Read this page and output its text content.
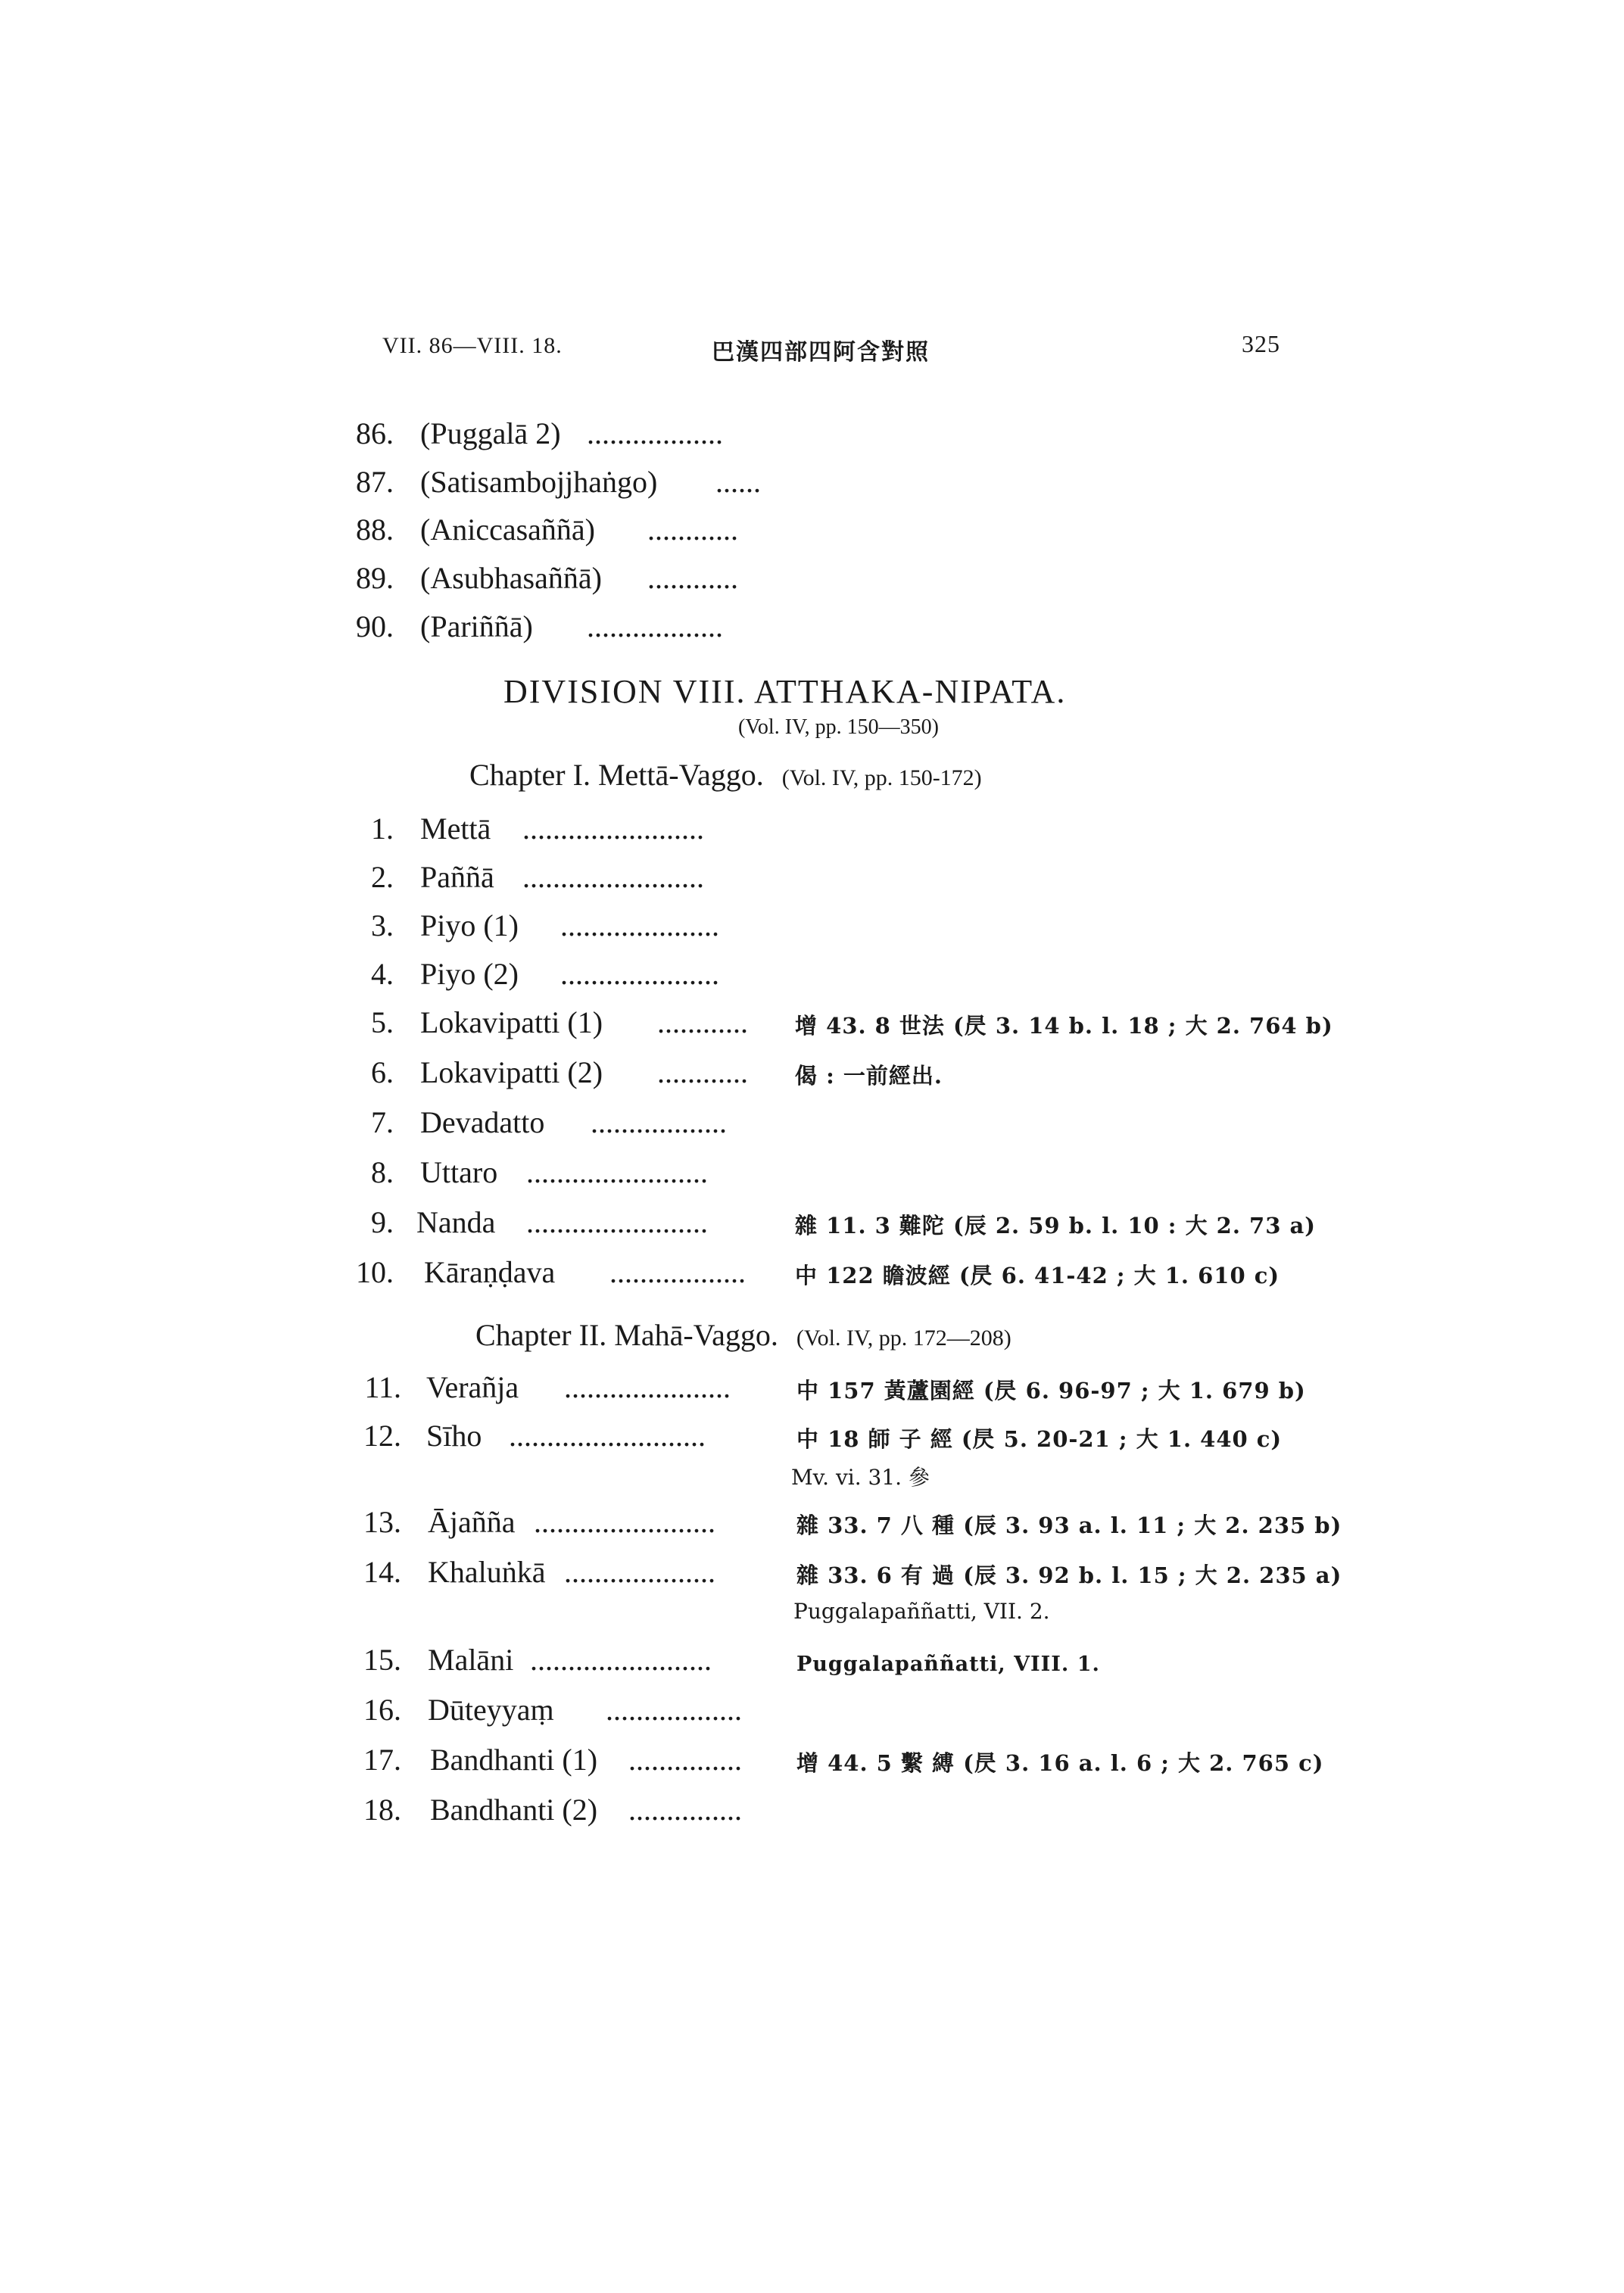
VII. 86—VIII. 18.	巴漢四部四阿含對照	325
86. (Puggalā 2) ..................
87. (Satisambojjhaṅgo) ......
88. (Aniccasaññā) ............
89. (Asubhasaññā) ............
90. (Pariññā) ..................
DIVISION VIII. ATTHAKA-NIPATA.
(Vol. IV, pp. 150—350)
Chapter I. Mettā-Vaggo. (Vol. IV, pp. 150-172)
1. Mettā ........................
2. Paññā ........................
3. Piyo (1) .....................
4. Piyo (2) .....................
5. Lokavipatti (1) ............ 增 43. 8 世法 (昃 3. 14 b. l. 18 ; 大 2. 764 b)
6. Lokavipatti (2) ............ 偈 : 一前經出.
7. Devadatto ..................
8. Uttaro ........................
9. Nanda ........................	雜 11. 3 難陀 (辰 2. 59 b. l. 10 : 大 2. 73 a)
10. Kāraṇḍava .................. 中 122 瞻波經 (昃 6. 41-42 ; 大 1. 610 c)
Chapter II. Mahā-Vaggo. (Vol. IV, pp. 172—208)
11. Verañja ......................	中 157 黃蘆園經 (昃 6. 96-97 ; 大 1. 679 b)
12. Sīho ..........................	中 18 師 子 經 (昃 5. 20-21 ; 大 1. 440 c)
Mv. vi. 31. 參
13. Ājañña ........................	雜 33. 7 八 種 (辰 3. 93 a. l. 11 ; 大 2. 235 b)
14. Khaluṅkā ....................	雜 33. 6 有 過 (辰 3. 92 b. l. 15 ; 大 2. 235 a)
Puggalapaññatti, VII. 2.
15. Malāni ........................	Puggalapaññatti, VIII. 1.
16. Dūteyyaṃ ..................
17. Bandhanti (1) ............... 增 44. 5 繫 縛 (昃 3. 16 a. l. 6 ; 大 2. 765 c)
18. Bandhanti (2) ...............
